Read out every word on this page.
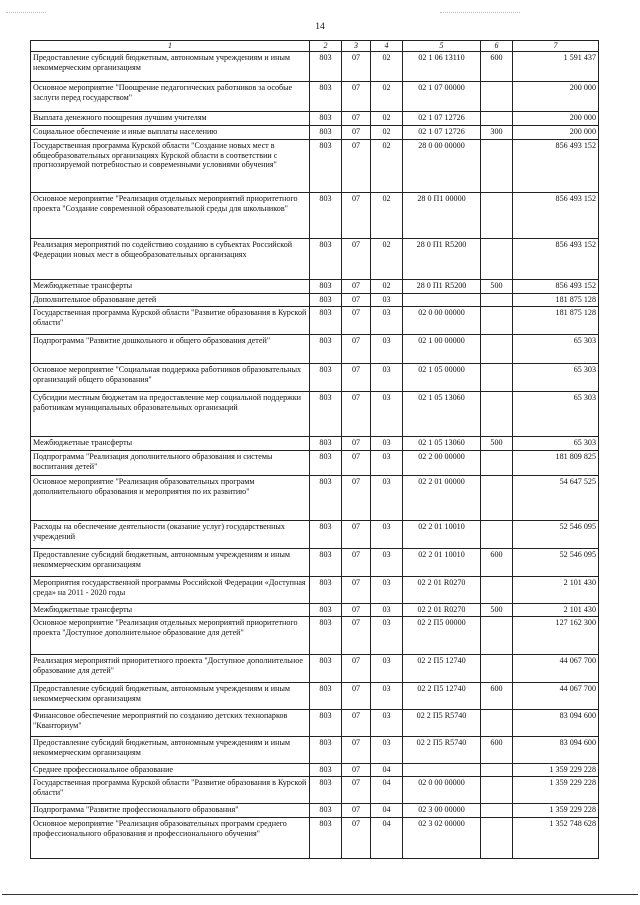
14
1	2	3	4	5	6	7
Предоставление субсидий бюджетным, автономным учреждениям и иным некоммерческим организациям	803	07	02	02 1 06 13110	600	1 591 437
Основное мероприятие "Поощрение педагогических работников за особые заслуги перед государством"	803	07	02	02 1 07 00000		200 000
Выплата денежного поощрения лучшим учителям	803	07	02	02 1 07 12726		200 000
Социальное обеспечение и иные выплаты населению	803	07	02	02 1 07 12726	300	200 000
Государственная программа Курской области "Создание новых мест в общеобразовательных организациях Курской области в соответствии с прогнозируемой потребностью и современными условиями обучения"	803	07	02	28 0 00 00000		856 493 152
Основное мероприятие "Реализация отдельных мероприятий приоритетного проекта "Создание современной образовательной среды для школьников"	803	07	02	28 0 П1 00000		856 493 152
Реализация мероприятий по содействию созданию в субъектах Российской Федерации новых мест в общеобразовательных организациях	803	07	02	28 0 П1 R5200		856 493 152
Межбюджетные трансферты	803	07	02	28 0 П1 R5200	500	856 493 152
Дополнительное образование детей	803	07	03			181 875 128
Государственная программа Курской области "Развитие образования в Курской области"	803	07	03	02 0 00 00000		181 875 128
Подпрограмма "Развитие дошкольного и общего образования детей"	803	07	03	02 1 00 00000		65 303
Основное мероприятие "Социальная поддержка работников образовательных организаций общего образования"	803	07	03	02 1 05 00000		65 303
Субсидии местным бюджетам на предоставление мер социальной поддержки работникам муниципальных образовательных организаций	803	07	03	02 1 05 13060		65 303
Межбюджетные трансферты	803	07	03	02 1 05 13060	500	65 303
Подпрограмма "Реализация дополнительного образования и системы воспитания детей"	803	07	03	02 2 00 00000		181 809 825
Основное мероприятие "Реализация образовательных программ дополнительного образования и мероприятия по их развитию"	803	07	03	02 2 01 00000		54 647 525
Расходы на обеспечение деятельности (оказание услуг) государственных учреждений	803	07	03	02 2 01 10010		52 546 095
Предоставление субсидий бюджетным, автономным учреждениям и иным некоммерческим организациям	803	07	03	02 2 01 10010	600	52 546 095
Мероприятия государственной программы Российской Федерации «Доступная среда» на 2011 - 2020 годы	803	07	03	02 2 01 R0270		2 101 430
Межбюджетные трансферты	803	07	03	02 2 01 R0270	500	2 101 430
Основное мероприятие "Реализация отдельных мероприятий приоритетного проекта "Доступное дополнительное образование для детей"	803	07	03	02 2 П5 00000		127 162 300
Реализация мероприятий приоритетного проекта "Доступное дополнительное образование для детей"	803	07	03	02 2 П5 12740		44 067 700
Предоставление субсидий бюджетным, автономным учреждениям и иным некоммерческим организациям	803	07	03	02 2 П5 12740	600	44 067 700
Финансовое обеспечение мероприятий по созданию детских технопарков "Кванториум"	803	07	03	02 2 П5 R5740		83 094 600
Предоставление субсидий бюджетным, автономным учреждениям и иным некоммерческим организациям	803	07	03	02 2 П5 R5740	600	83 094 600
Среднее профессиональное образование	803	07	04			1 359 229 228
Государственная программа Курской области "Развитие образования в Курской области"	803	07	04	02 0 00 00000		1 359 229 228
Подпрограмма "Развитие профессионального образования"	803	07	04	02 3 00 00000		1 359 229 228
Основное мероприятие "Реализация образовательных программ среднего профессионального образования и профессионального обучения"	803	07	04	02 3 02 00000		1 352 748 628
